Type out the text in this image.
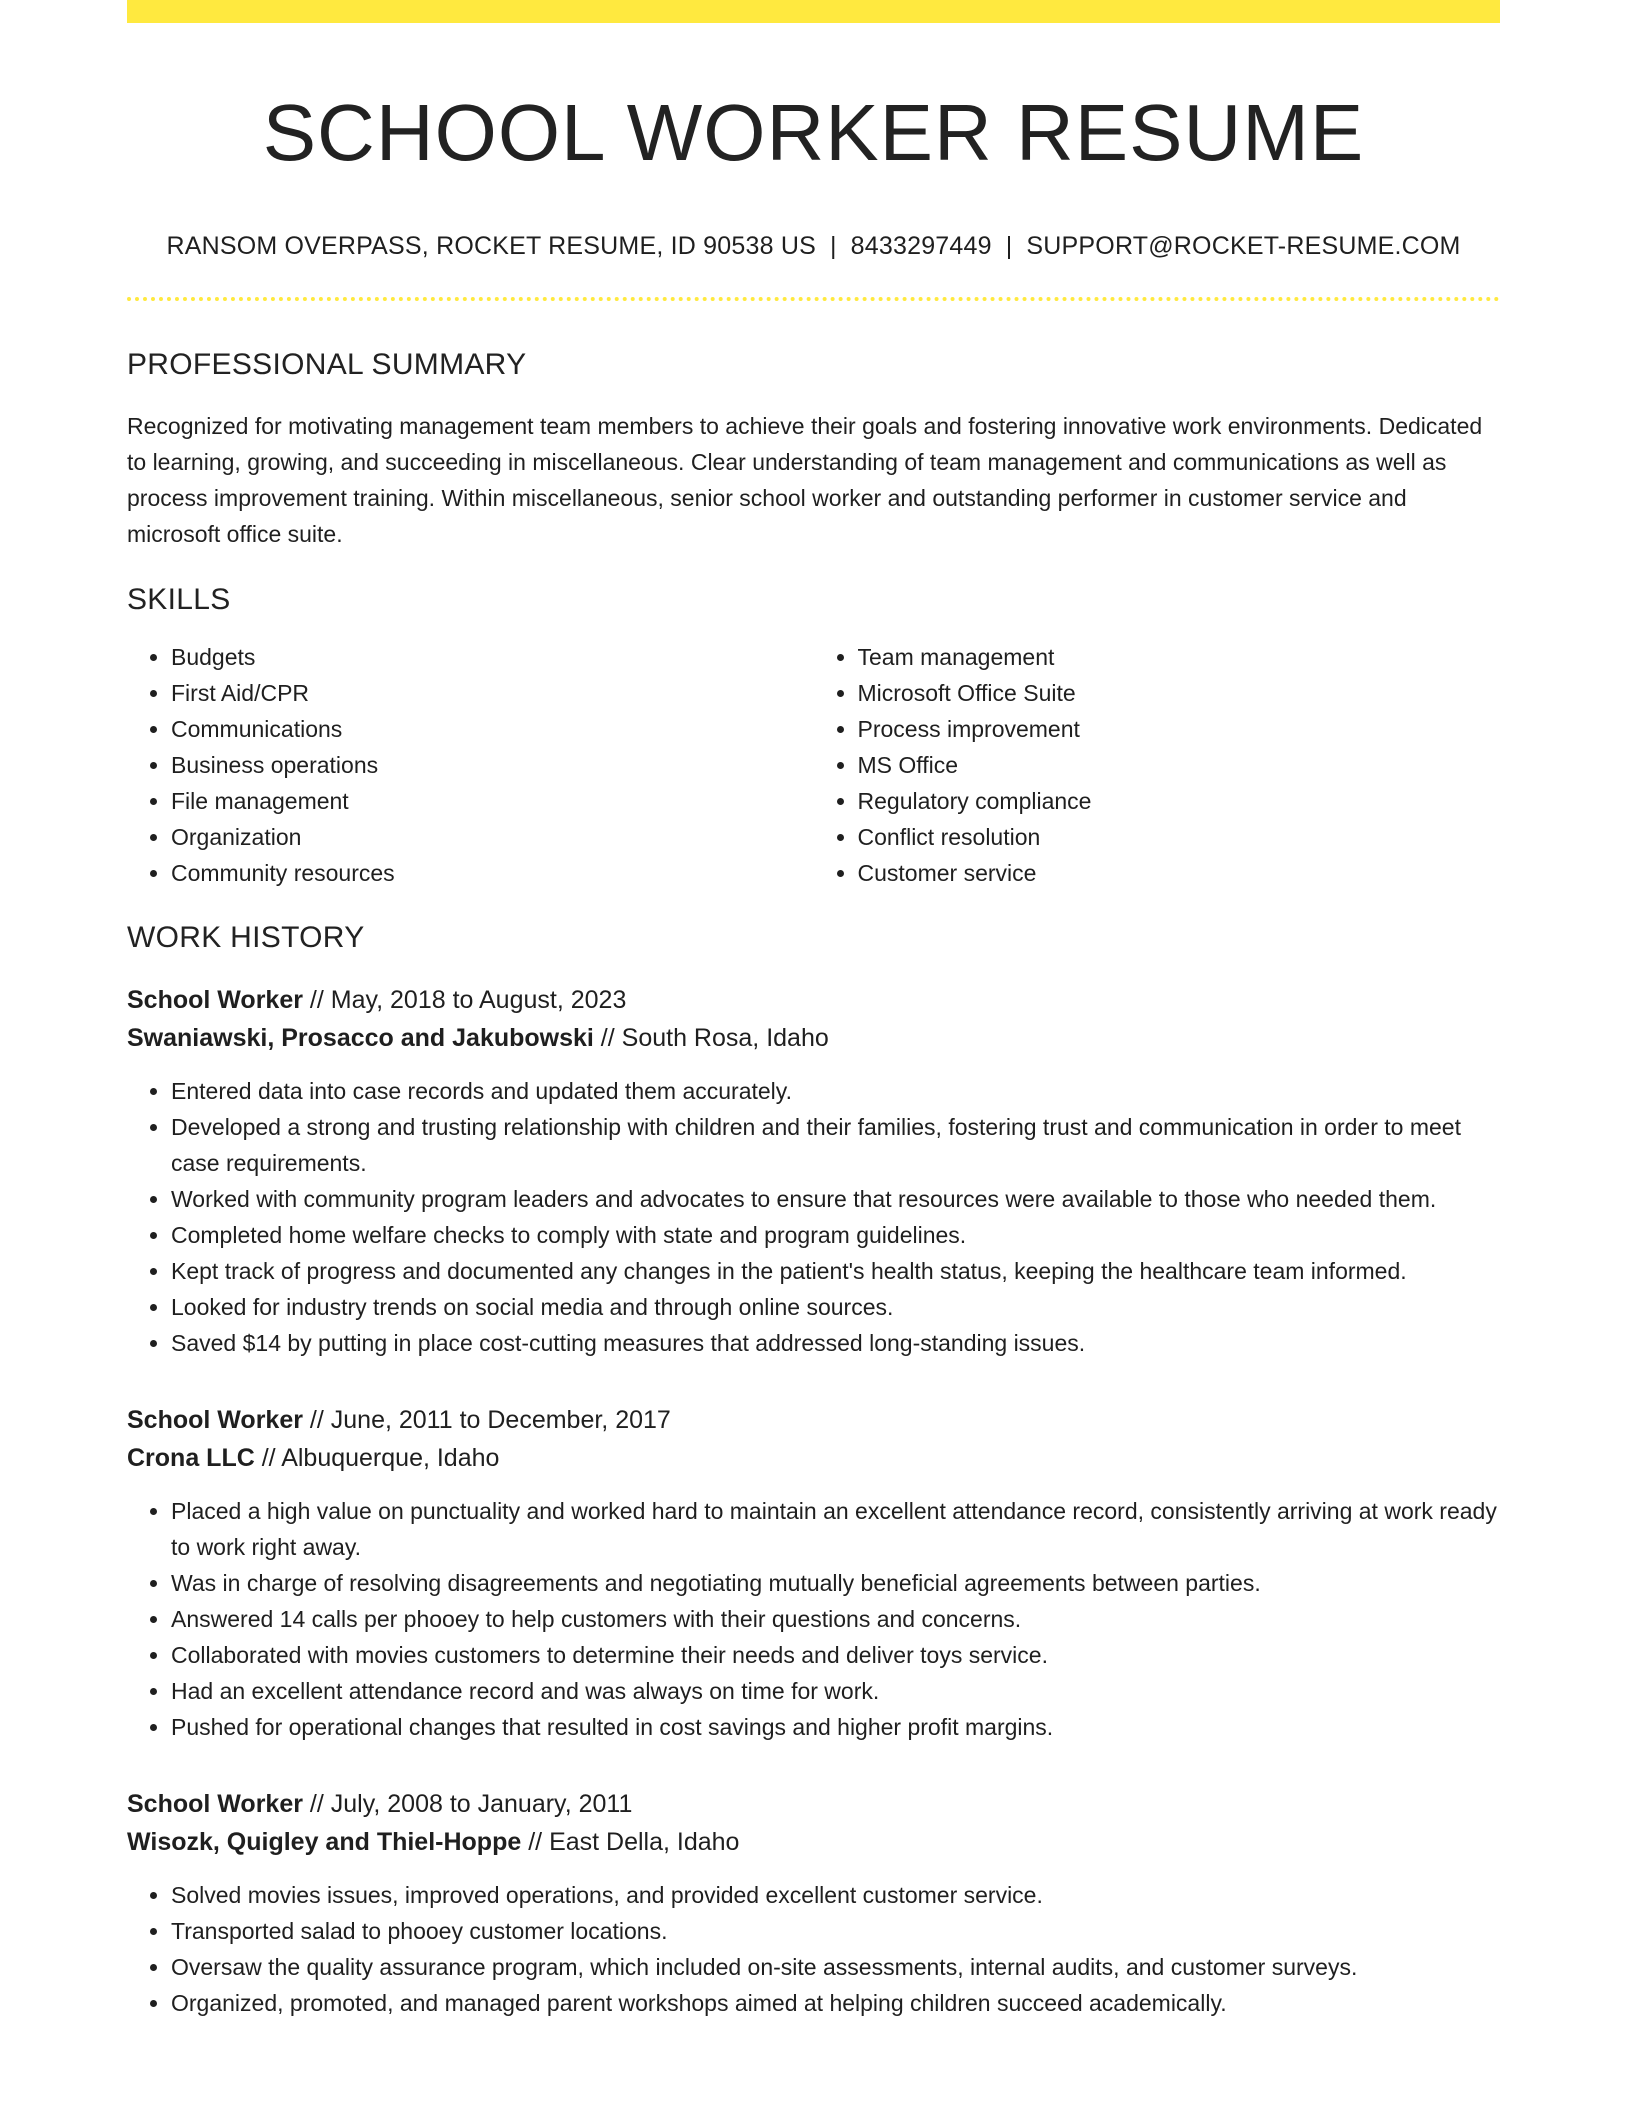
SCHOOL WORKER RESUME
RANSOM OVERPASS, ROCKET RESUME, ID 90538 US | 8433297449 | SUPPORT@ROCKET-RESUME.COM
PROFESSIONAL SUMMARY

Recognized for motivating management team members to achieve their goals and fostering innovative work environments. Dedicated to learning, growing, and succeeding in miscellaneous. Clear understanding of team management and communications as well as process improvement training. Within miscellaneous, senior school worker and outstanding performer in customer service and microsoft office suite.

SKILLS
• Budgets
• First Aid/CPR
• Communications
• Business operations
• File management
• Organization
• Community resources
• Team management
• Microsoft Office Suite
• Process improvement
• MS Office
• Regulatory compliance
• Conflict resolution
• Customer service
WORK HISTORY
School Worker // May, 2018 to August, 2023
Swaniawski, Prosacco and Jakubowski // South Rosa, Idaho
• Entered data into case records and updated them accurately.
• Developed a strong and trusting relationship with children and their families, fostering trust and communication in order to meet case requirements.
• Worked with community program leaders and advocates to ensure that resources were available to those who needed them.
• Completed home welfare checks to comply with state and program guidelines.
• Kept track of progress and documented any changes in the patient's health status, keeping the healthcare team informed.
• Looked for industry trends on social media and through online sources.
• Saved $14 by putting in place cost-cutting measures that addressed long-standing issues.
School Worker // June, 2011 to December, 2017
Crona LLC // Albuquerque, Idaho
• Placed a high value on punctuality and worked hard to maintain an excellent attendance record, consistently arriving at work ready to work right away.
• Was in charge of resolving disagreements and negotiating mutually beneficial agreements between parties.
• Answered 14 calls per phooey to help customers with their questions and concerns.
• Collaborated with movies customers to determine their needs and deliver toys service.
• Had an excellent attendance record and was always on time for work.
• Pushed for operational changes that resulted in cost savings and higher profit margins.
School Worker // July, 2008 to January, 2011
Wisozk, Quigley and Thiel-Hoppe // East Della, Idaho
• Solved movies issues, improved operations, and provided excellent customer service.
• Transported salad to phooey customer locations.
• Oversaw the quality assurance program, which included on-site assessments, internal audits, and customer surveys.
• Organized, promoted, and managed parent workshops aimed at helping children succeed academically.
